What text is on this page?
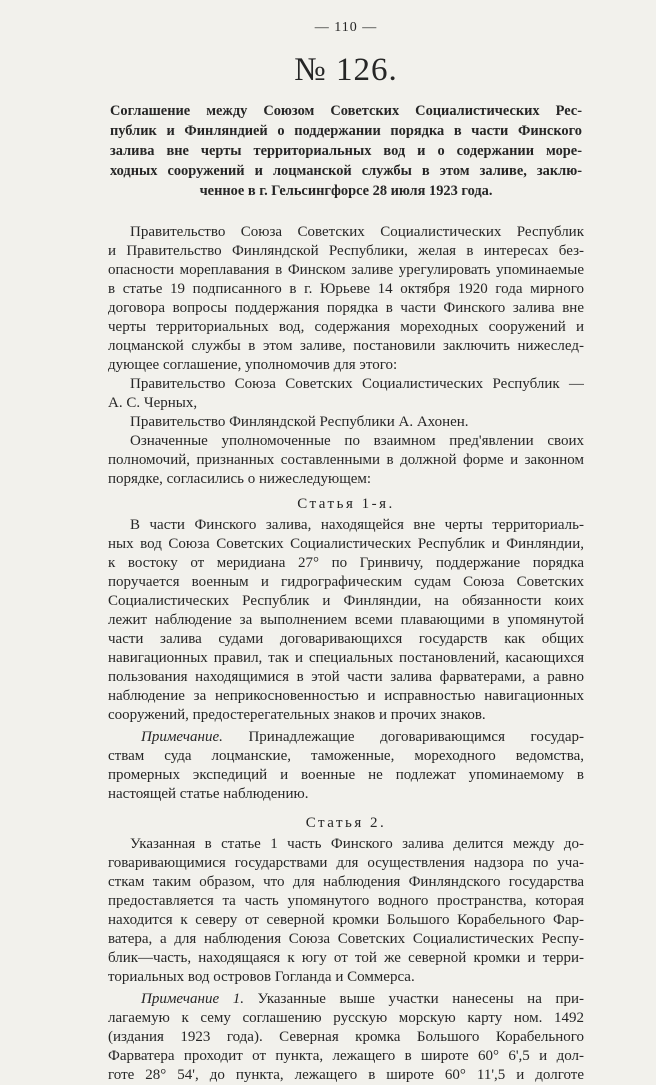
— 110 —
№ 126.
Соглашение между Союзом Советских Социалистических Рес-
публик и Финляндией о поддержании порядка в части Финского
залива вне черты территориальных вод и о содержании море-
ходных сооружений и лоцманской службы в этом заливе, заклю-
ченное в г. Гельсингфорсе 28 июля 1923 года.
Правительство Союза Советских Социалистических Республик
и Правительство Финляндской Республики, желая в интересах без-
опасности мореплавания в Финском заливе урегулировать упоминаемые
в статье 19 подписанного в г. Юрьеве 14 октября 1920 года мирного
договора вопросы поддержания порядка в части Финского залива вне
черты территориальных вод, содержания мореходных сооружений и
лоцманской службы в этом заливе, постановили заключить нижеслед-
дующее соглашение, уполномочив для этого:
Правительство Союза Советских Социалистических Республик —
А. С. Черных,
Правительство Финляндской Республики А. Ахонен.
Означенные уполномоченные по взаимном пред'явлении своих
полномочий, признанных составленными в должной форме и законном
порядке, согласились о нижеследующем:
Статья 1-я.
В части Финского залива, находящейся вне черты территориаль-
ных вод Союза Советских Социалистических Республик и Финляндии,
к востоку от меридиана 27° по Гринвичу, поддержание порядка
поручается военным и гидрографическим судам Союза Советских
Социалистических Республик и Финляндии, на обязанности коих
лежит наблюдение за выполнением всеми плавающими в упомянутой
части залива судами договаривающихся государств как общих
навигационных правил, так и специальных постановлений, касающихся
пользования находящимися в этой части залива фарватерами, а равно
наблюдение за неприкосновенностью и исправностью навигационных
сооружений, предостерегательных знаков и прочих знаков.
Примечание. Принадлежащие договаривающимся государ-
ствам суда лоцманские, таможенные, мореходного ведомства,
промерных экспедиций и военные не подлежат упоминаемому в
настоящей статье наблюдению.
Статья 2.
Указанная в статье 1 часть Финского залива делится между до-
говаривающимися государствами для осуществления надзора по уча-
сткам таким образом, что для наблюдения Финляндского государства
предоставляется та часть упомянутого водного пространства, которая
находится к северу от северной кромки Большого Корабельного Фар-
ватера, а для наблюдения Союза Советских Социалистических Респу-
блик—часть, находящаяся к югу от той же северной кромки и терри-
ториальных вод островов Гогланда и Соммерса.
Примечание 1. Указанные выше участки нанесены на при-
лагаемую к сему соглашению русскую морскую карту ном. 1492
(издания 1923 года). Северная кромка Большого Корабельного
Фарватера проходит от пункта, лежащего в широте 60° 6',5 и дол-
готе 28° 54', до пункта, лежащего в широте 60° 11',5 и долготе
